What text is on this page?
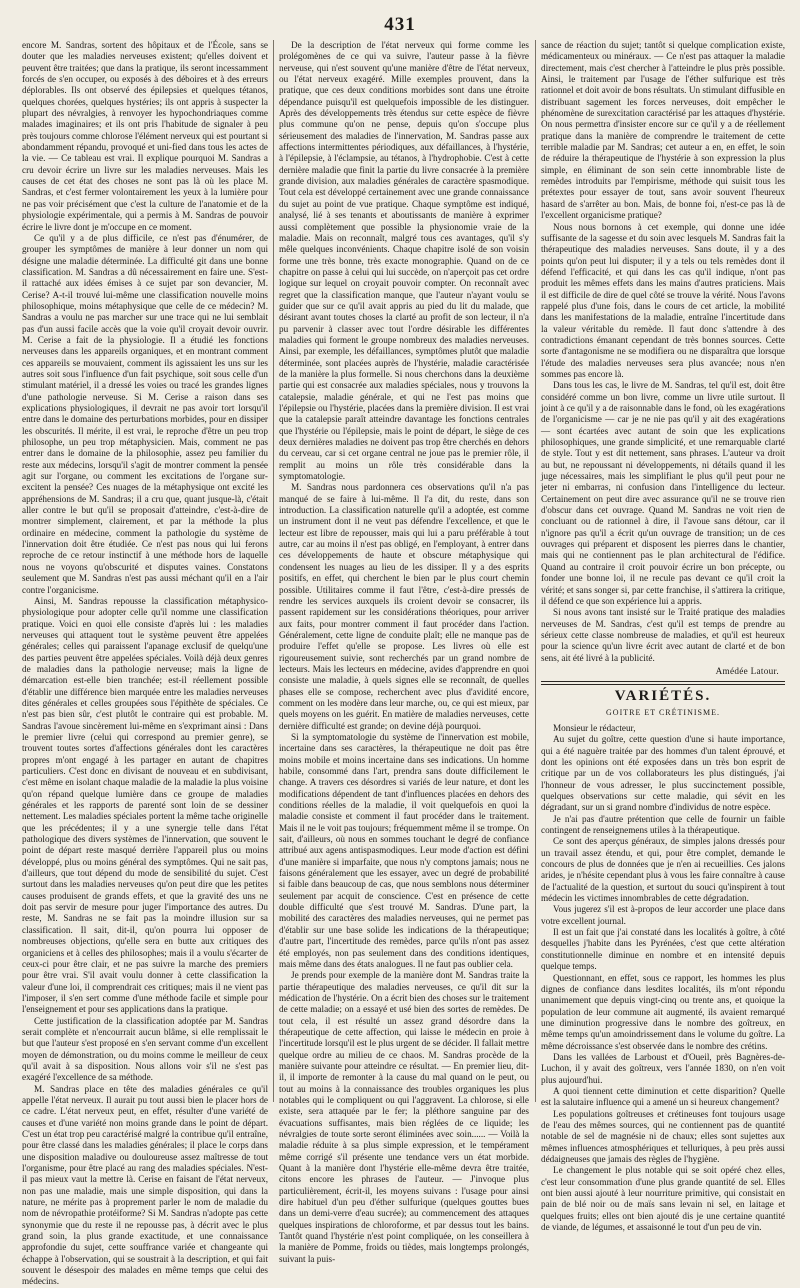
431

encore M. Sandras, sortent des hôpitaux et de l'École, sans se douter que les maladies nerveuses existent; qu'elles doivent et peuvent être traitées; que dans la pratique, ils seront incessamment forcés de s'en occuper, ou exposés à des déboires et à des erreurs déplorables. Ils ont observé des épilepsies et quelques tétanos, quelques chorées, quelques hystéries; ils ont appris à suspecter la plupart des névralgies, à renvoyer les hypochondriaques comme malades imaginaires; et ils ont pris l'habitude de signaler à peu près toujours comme chlorose l'élément nerveux qui est pourtant si abondamment répandu, provoqué et uni-fied dans tous les actes de la vie. — Ce tableau est vrai. Il explique pourquoi M. Sandras a cru devoir écrire un livre sur les maladies nerveuses. Mais les causes de cet état des choses ne sont pas là où les place M. Sandras, et c'est fermer volontairement les yeux à la lumière pour ne pas voir précisément que c'est la culture de l'anatomie et de la physiologie expérimentale, qui a permis à M. Sandras de pouvoir écrire le livre dont je m'occupe en ce moment.

Ce qu'il y a de plus difficile, ce n'est pas d'énumérer, de grouper les symptômes de manière à leur donner un nom qui désigne une maladie déterminée. La difficulté git dans une bonne classification. M. Sandras a dû nécessairement en faire une. S'est-il rattaché aux idées émises à ce sujet par son devancier, M. Cerise? A-t-il trouvé lui-même une classification nouvelle moins philosophique, moins métaphysique que celle de ce médecin? M. Sandras a voulu ne pas marcher sur une trace qui ne lui semblait pas d'un aussi facile accès que la voie qu'il croyait devoir ouvrir. M. Cerise a fait de la physiologie. Il a étudié les fonctions nerveuses dans les appareils organiques, et en montrant comment ces appareils se mouvaient, comment ils agissaient les uns sur les autres soit sous l'influence d'un fait psychique, soit sous celle d'un stimulant matériel, il a dressé les voies ou tracé les grandes lignes d'une pathologie nerveuse. Si M. Cerise a raison dans ses explications physiologiques, il devrait ne pas avoir tort lorsqu'il entre dans le domaine des perturbations morbides, pour en dissiper les obscurités. Il mérite, il est vrai, le reproche d'être un peu trop philosophe, un peu trop métaphysicien. Mais, comment ne pas entrer dans le domaine de la philosophie, assez peu familier du reste aux médecins, lorsqu'il s'agit de montrer comment la pensée agit sur l'organe, ou comment les excitations de l'organe sur-excitent la pensée? Ces nuages de la métaphysique ont excité les appréhensions de M. Sandras; il a cru que, quant jusque-là, c'était aller contre le but qu'il se proposait d'atteindre, c'est-à-dire de montrer simplement, clairement, et par la méthode la plus ordinaire en médecine, comment la pathologie du système de l'innervation doit être étudiée. Ce n'est pas nous qui lui ferons reproche de ce retour instinctif à une méthode hors de laquelle nous ne voyons qu'obscurité et disputes vaines. Constatons seulement que M. Sandras n'est pas aussi méchant qu'il en a l'air contre l'organicisme.

Ainsi, M. Sandras repousse la classification métaphysico-physiologique pour adopter celle qu'il nomme une classification pratique. Voici en quoi elle consiste d'après lui : les maladies nerveuses qui attaquent tout le système peuvent être appelées générales; celles qui paraissent l'apanage exclusif de quelqu'une des parties peuvent être appelées spéciales. Voilà déjà deux genres de maladies dans la pathologie nerveuse; mais la ligne de démarcation est-elle bien tranchée; est-il réellement possible d'établir une différence bien marquée entre les maladies nerveuses dites générales et celles groupées sous l'épithète de spéciales. Ce n'est pas bien sûr, c'est plutôt le contraire qui est probable. M. Sandras l'avoue sincèrement lui-même en s'exprimant ainsi : Dans le premier livre (celui qui correspond au premier genre), se trouvent toutes sortes d'affections générales dont les caractères propres m'ont engagé à les partager en autant de chapitres particuliers. C'est donc en divisant de nouveau et en subdivisant, c'est même en isolant chaque maladie de la maladie la plus voisine qu'on répand quelque lumière dans ce groupe de maladies générales et les rapports de parenté sont loin de se dessiner nettement. Les maladies spéciales portent la même tache originelle que les précédentes; il y a une synergie telle dans l'état pathologique des divers systèmes de l'innervation, que souvent le point de départ reste masqué derrière l'appareil plus ou moins développé, plus ou moins général des symptômes. Qui ne sait pas, d'ailleurs, que tout dépend du mode de sensibilité du sujet. C'est surtout dans les maladies nerveuses qu'on peut dire que les petites causes produisent de grands effets, et que la gravité des uns ne doit pas servir de mesure pour juger l'importance des autres. Du reste, M. Sandras ne se fait pas la moindre illusion sur sa classification. Il sait, dit-il, qu'on pourra lui opposer de nombreuses objections, qu'elle sera en butte aux critiques des organiciens et à celles des philosophes; mais il a voulu s'écarter de ceux-ci pour être clair, et ne pas suivre la marche des premiers pour être vrai. S'il avait voulu donner à cette classification la valeur d'une loi, il comprendrait ces critiques; mais il ne vient pas l'imposer, il s'en sert comme d'une méthode facile et simple pour l'enseignement et pour ses applications dans la pratique.

Cette justification de la classification adoptée par M. Sandras serait complète et n'encourrait aucun blâme, si elle remplissait le but que l'auteur s'est proposé en s'en servant comme d'un excellent moyen de démonstration, ou du moins comme le meilleur de ceux qu'il avait à sa disposition. Nous allons voir s'il ne s'est pas exagéré l'excellence de sa méthode.

M. Sandras place en tête des maladies générales ce qu'il appelle l'état nerveux. Il aurait pu tout aussi bien le placer hors de ce cadre. L'état nerveux peut, en effet, résulter d'une variété de causes et d'une variété non moins grande dans le point de départ. C'est un état trop peu caractérisé malgré la contribue qu'il entraîne, pour être classé dans les maladies générales; il place le corps dans une disposition maladive ou douloureuse assez maîtresse de tout l'organisme, pour être placé au rang des maladies spéciales. N'est-il pas mieux vaut la mettre là. Cerise en faisant de l'état nerveux, non pas une maladie, mais une simple disposition, qui dans la nature, ne mérite pas à proprement parler le nom de maladie du nom de névropathie protéiforme? Si M. Sandras n'adopte pas cette synonymie que du reste il ne repousse pas, à décrit avec le plus grand soin, la plus grande exactitude, et une connaissance approfondie du sujet, cette souffrance variée et changeante qui échappe à l'observation, qui se soustrait à la description, et qui fait souvent le désespoir des malades en même temps que celui des médecins.

De la description de l'état nerveux qui forme comme les prolégomènes de ce qui va suivre, l'auteur passe à la fièvre nerveuse, qui n'est souvent qu'une manière d'être de l'état nerveux, ou l'état nerveux exagéré. Mille exemples prouvent, dans la pratique, que ces deux conditions morbides sont dans une étroite dépendance puisqu'il est quelquefois impossible de les distinguer. Après des développements très étendus sur cette espèce de fièvre plus commune qu'on ne pense, depuis qu'on s'occupe plus sérieusement des maladies de l'innervation, M. Sandras passe aux affections intermittentes périodiques, aux défaillances, à l'hystérie, à l'épilepsie, à l'éclampsie, au tétanos, à l'hydrophobie. C'est à cette dernière maladie que finit la partie du livre consacrée à la première grande division, aux maladies générales de caractère spasmodique. Tout cela est développé certainement avec une grande connaissance du sujet au point de vue pratique. Chaque symptôme est indiqué, analysé, lié à ses tenants et aboutissants de manière à exprimer aussi complètement que possible la physionomie vraie de la maladie. Mais on reconnaît, malgré tous ces avantages, qu'il s'y mêle quelques inconvénients. Chaque chapitre isolé de son voisin forme une très bonne, très exacte monographie. Quand on de ce chapitre on passe à celui qui lui succède, on n'aperçoit pas cet ordre logique sur lequel on croyait pouvoir compter. On reconnaît avec regret que la classification manque, que l'auteur n'ayant voulu se guider que sur ce qu'il avait appris au pied du lit du malade, que désirant avant toutes choses la clarté au profit de son lecteur, il n'a pu parvenir à classer avec tout l'ordre désirable les différentes maladies qui forment le groupe nombreux des maladies nerveuses. Ainsi, par exemple, les défaillances, symptômes plutôt que maladie déterminée, sont placées auprès de l'hystérie, maladie caractérisée de la manière la plus formelle. Si nous cherchons dans la deuxième partie qui est consacrée aux maladies spéciales, nous y trouvons la catalepsie, maladie générale, et qui ne l'est pas moins que l'épilepsie ou l'hystérie, placées dans la première division. Il est vrai que la catalepsie paraît atteindre davantage les fonctions centrales que l'hystérie ou l'épilepsie, mais le point de départ, le siège de ces deux dernières maladies ne doivent pas trop être cherchés en dehors du cerveau, car si cet organe central ne joue pas le premier rôle, il remplit au moins un rôle très considérable dans la symptomatologie.

M. Sandras nous pardonnera ces observations qu'il n'a pas manqué de se faire à lui-même. Il l'a dit, du reste, dans son introduction. La classification naturelle qu'il a adoptée, est comme un instrument dont il ne veut pas défendre l'excellence, et que le lecteur est libre de repousser, mais qui lui a paru préférable à tout autre, car au moins il n'est pas obligé, en l'employant, à entrer dans ces développements de haute et obscure métaphysique qui condensent les nuages au lieu de les dissiper. Il y a des esprits positifs, en effet, qui cherchent le bien par le plus court chemin possible. Utilitaires comme il faut l'être, c'est-à-dire pressés de rendre les services auxquels ils croient devoir se consacrer, ils passent rapidement sur les considérations théoriques, pour arriver aux faits, pour montrer comment il faut procéder dans l'action. Généralement, cette ligne de conduite plaît; elle ne manque pas de produire l'effet qu'elle se propose. Les livres où elle est rigoureusement suivie, sont recherchés par un grand nombre de lecteurs. Mais les lecteurs en médecine, avides d'apprendre en quoi consiste une maladie, à quels signes elle se reconnaît, de quelles phases elle se compose, recherchent avec plus d'avidité encore, comment on les modère dans leur marche, ou, ce qui est mieux, par quels moyens on les guérit. En matière de maladies nerveuses, cette dernière difficulté est grande; on devine déjà pourquoi.

Si la symptomatologie du système de l'innervation est mobile, incertaine dans ses caractères, la thérapeutique ne doit pas être moins mobile et moins incertaine dans ses indications. Un homme habile, consommé dans l'art, prendra sans doute difficilement le change. A travers ces désordres si variés de leur nature, et dont les modifications dépendent de tant d'influences placées en dehors des conditions réelles de la maladie, il voit quelquefois en quoi la maladie consiste et comment il faut procéder dans le traitement. Mais il ne le voit pas toujours; fréquemment même il se trompe. On sait, d'ailleurs, où nous en sommes touchant le degré de confiance attribué aux agens antispasmodiques. Leur mode d'action est défini d'une manière si imparfaite, que nous n'y comptons jamais; nous ne faisons généralement que les essayer, avec un degré de probabilité si faible dans beaucoup de cas, que nous semblons nous déterminer seulement par acquit de conscience. C'est en présence de cette double difficulté que s'est trouvé M. Sandras. D'une part, la mobilité des caractères des maladies nerveuses, qui ne permet pas d'établir sur une base solide les indications de la thérapeutique; d'autre part, l'incertitude des remèdes, parce qu'ils n'ont pas assez été employés, non pas seulement dans des conditions identiques, mais même dans des états analogues. Il ne faut pas oublier cela.

Je prends pour exemple de la manière dont M. Sandras traite la partie thérapeutique des maladies nerveuses, ce qu'il dit sur la médication de l'hystérie. On a écrit bien des choses sur le traitement de cette maladie; on a essayé et usé bien des sortes de remèdes. De tout cela, il est résulté un assez grand désordre dans la thérapeutique de cette affection, qui laisse le médecin en proie à l'incertitude lorsqu'il est le plus urgent de se décider. Il fallait mettre quelque ordre au milieu de ce chaos. M. Sandras procède de la manière suivante pour atteindre ce résultat. — En premier lieu, dit-il, il importe de remonter à la cause du mal quand on le peut, ou tout au moins à la connaissance des troubles organiques les plus notables qui le compliquent ou qui l'aggravent. La chlorose, si elle existe, sera attaquée par le fer; la pléthore sanguine par des évacuations suffisantes, mais bien réglées de ce liquide; les névralgies de toute sorte seront éliminées avec soin...... — Voilà la maladie réduite à sa plus simple expression, et le tempérament même corrigé s'il présente une tendance vers un état morbide. Quant à la manière dont l'hystérie elle-même devra être traitée, citons encore les phrases de l'auteur. — J'invoque plus particulièrement, écrit-il, les moyens suivans : l'usage pour ainsi dire habituel d'un peu d'éther sulfurique (quelques gouttes bues dans un demi-verre d'eau sucrée); au commencement des attaques quelques inspirations de chloroforme, et par dessus tout les bains. Tantôt quand l'hystérie n'est point compliquée, on les conseillera à la manière de Pomme, froids ou tièdes, mais longtemps prolongés, suivant la puis-

sance de réaction du sujet; tantôt si quelque complication existe, médicamenteux ou minéraux. — Ce n'est pas attaquer la maladie directement, mais c'est chercher à l'atteindre le plus près possible. Ainsi, le traitement par l'usage de l'éther sulfurique est très rationnel et doit avoir de bons résultats. Un stimulant diffusible en distribuant sagement les forces nerveuses, doit empêcher le phénomène de surexcitation caractérisé par les attaques d'hystérie. On nous permettra d'insister encore sur ce qu'il y a de réellement pratique dans la manière de comprendre le traitement de cette terrible maladie par M. Sandras; cet auteur a en, en effet, le soin de réduire la thérapeutique de l'hystérie à son expression la plus simple, en éliminant de son sein cette innombrable liste de remèdes introduits par l'empirisme, méthode qui suisit tous les prétextes pour essayer de tout, sans avoir souvent l'heureux hasard de s'arrêter au bon. Mais, de bonne foi, n'est-ce pas là de l'excellent organicisme pratique?

Nous nous bornons à cet exemple, qui donne une idée suffisante de la sagesse et du soin avec lesquels M. Sandras fait la thérapeutique des maladies nerveuses. Sans doute, il y a des points qu'on peut lui disputer; il y a tels ou tels remèdes dont il défend l'efficacité, et qui dans les cas qu'il indique, n'ont pas produit les mêmes effets dans les mains d'autres praticiens. Mais il est difficile de dire de quel côté se trouve la vérité. Nous l'avons rappelé plus d'une fois, dans le cours de cet article, la mobilité dans les manifestations de la maladie, entraîne l'incertitude dans la valeur véritable du remède. Il faut donc s'attendre à des contradictions émanant cependant de très bonnes sources. Cette sorte d'antagonisme ne se modifiera ou ne disparaîtra que lorsque l'étude des maladies nerveuses sera plus avancée; nous n'en sommes pas encore là.

Dans tous les cas, le livre de M. Sandras, tel qu'il est, doit être considéré comme un bon livre, comme un livre utile surtout. Il joint à ce qu'il y a de raisonnable dans le fond, où les exagérations de l'organicisme — car je ne nie pas qu'il y ait des exagérations — sont écartées avec autant de soin que les explications philosophiques, une grande simplicité, et une remarquable clarté de style. Tout y est dit nettement, sans phrases. L'auteur va droit au but, ne repoussant ni développements, ni détails quand il les juge nécessaires, mais les simplifiant le plus qu'il peut pour ne jeter ni embarras, ni confusion dans l'intelligence du lecteur. Certainement on peut dire avec assurance qu'il ne se trouve rien d'obscur dans cet ouvrage. Quand M. Sandras ne voit rien de concluant ou de rationnel à dire, il l'avoue sans détour, car il n'ignore pas qu'il a écrit qu'un ouvrage de transition; un de ces ouvrages qui préparent et disposent les pierres dans le chantier, mais qui ne contiennent pas le plan architectural de l'édifice. Quand au contraire il croit pouvoir écrire un bon précepte, ou fonder une bonne loi, il ne recule pas devant ce qu'il croit la vérité; et sans songer si, par cette franchise, il s'attirera la critique, il défend ce que son expérience lui a appris.

Si nous avons tant insisté sur le Traité pratique des maladies nerveuses de M. Sandras, c'est qu'il est temps de prendre au sérieux cette classe nombreuse de maladies, et qu'il est heureux pour la science qu'un livre écrit avec autant de clarté et de bon sens, ait été livré à la publicité.

Amédée Latour.
VARIÉTÉS.
GOITRE ET CRÉTINISME.

Monsieur le rédacteur,

Au sujet du goître, cette question d'une si haute importance, qui a été naguère traitée par des hommes d'un talent éprouvé, et dont les opinions ont été exposées dans un très bon esprit de critique par un de vos collaborateurs les plus distingués, j'ai l'honneur de vous adresser, le plus succinctement possible, quelques observations sur cette maladie, qui sévit en les dégradant, sur un si grand nombre d'individus de notre espèce.

Je n'ai pas d'autre prétention que celle de fournir un faible contingent de renseignemens utiles à la thérapeutique.

Ce sont des aperçus généraux, de simples jalons dressés pour un travail assez étendu, et qui, pour être complet, demande le concours de plus de données que je n'en ai recueillies. Ces jalons arides, je n'hésite cependant plus à vous les faire connaître à cause de l'actualité de la question, et surtout du souci qu'inspirent à tout médecin les victimes innombrables de cette dégradation.

Vous jugerez s'il est à-propos de leur accorder une place dans votre excellent journal.

Il est un fait que j'ai constaté dans les localités à goître, à côté desquelles j'habite dans les Pyrénées, c'est que cette altération constitutionnelle diminue en nombre et en intensité depuis quelque temps.

Questionnant, en effet, sous ce rapport, les hommes les plus dignes de confiance dans lesdites localités, ils m'ont répondu unanimement que depuis vingt-cinq ou trente ans, et quoique la population de leur commune ait augmenté, ils avaient remarqué une diminution progressive dans le nombre des goîtreux, en même temps qu'un amoindrissement dans le volume du goître. La même décroissance s'est observée dans le nombre des crétins.

Dans les vallées de Larboust et d'Oueil, près Bagnères-de-Luchon, il y avait des goîtreux, vers l'année 1830, on n'en voit plus aujourd'hui.

A quoi tiennent cette diminution et cette disparition? Quelle est la salutaire influence qui a amené un si heureux changement?

Les populations goîtreuses et crétineuses font toujours usage de l'eau des mêmes sources, qui ne contiennent pas de quantité notable de sel de magnésie ni de chaux; elles sont sujettes aux mêmes influences atmosphériques et telluriques, à peu près aussi dédaigneuses que jamais des règles de l'hygiène.

Le changement le plus notable qui se soit opéré chez elles, c'est leur consommation d'une plus grande quantité de sel. Elles ont bien aussi ajouté à leur nourriture primitive, qui consistait en pain de blé noir ou de maïs sans levain ni sel, en laitage et quelques fruits; elles ont bien ajouté dis je une certaine quantité de viande, de légumes, et assaisonné le tout d'un peu de vin.
